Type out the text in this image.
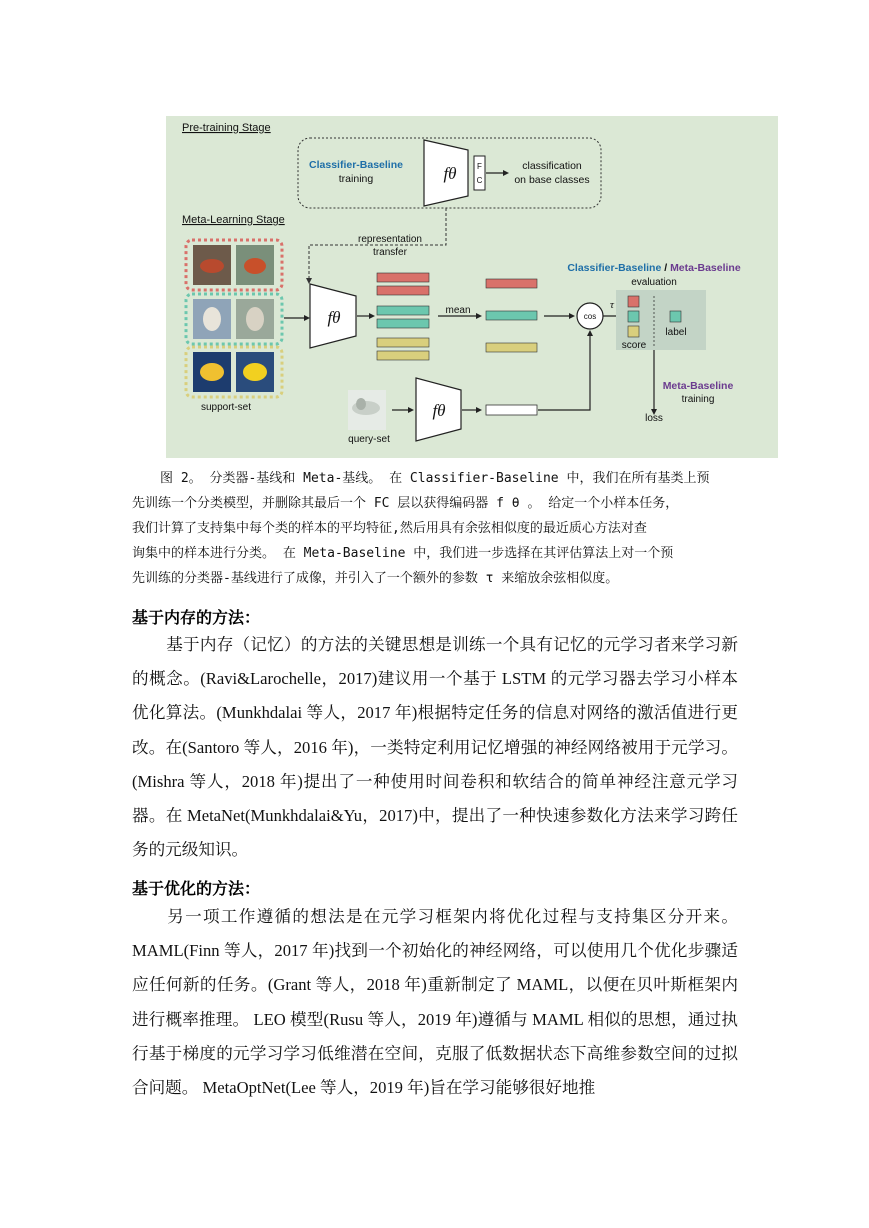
Pre-training Stage
Classifier-Baseline
training	fθ	F
C
classification
on base classes
Meta-Learning Stage
representation
transfer
support-set
fθ	mean
cos
τ
Classifier-Baseline / Meta-Baseline
evaluation
score
label
Meta-Baseline
training
loss
query-set
fθ
图 2。 分类器-基线和 Meta-基线。 在 Classifier-Baseline 中，我们在所有基类上预
先训练一个分类模型，并删除其最后一个 FC 层以获得编码器 f θ 。 给定一个小样本任务，
我们计算了支持集中每个类的样本的平均特征,然后用具有余弦相似度的最近质心方法对查
询集中的样本进行分类。 在 Meta-Baseline 中，我们进一步选择在其评估算法上对一个预
先训练的分类器-基线进行了成像，并引入了一个额外的参数 τ 来缩放余弦相似度。
基于内存的方法：

基于内存（记忆）的方法的关键思想是训练一个具有记忆的元学习者来学习新的概念。(Ravi&Larochelle，2017)建议用一个基于 LSTM 的元学习器去学习小样本优化算法。(Munkhdalai 等人，2017 年)根据特定任务的信息对网络的激活值进行更改。在(Santoro 等人，2016 年)，一类特定利用记忆增强的神经网络被用于元学习。 (Mishra 等人，2018 年)提出了一种使用时间卷积和软结合的简单神经注意元学习器。在 MetaNet(Munkhdalai&Yu，2017)中，提出了一种快速参数化方法来学习跨任务的元级知识。

基于优化的方法：

另一项工作遵循的想法是在元学习框架内将优化过程与支持集区分开来。MAML(Finn 等人，2017 年)找到一个初始化的神经网络，可以使用几个优化步骤适应任何新的任务。(Grant 等人，2018 年)重新制定了 MAML，以便在贝叶斯框架内进行概率推理。 LEO 模型(Rusu 等人，2019 年)遵循与 MAML 相似的思想，通过执行基于梯度的元学习学习低维潜在空间，克服了低数据状态下高维参数空间的过拟合问题。 MetaOptNet(Lee 等人，2019 年)旨在学习能够很好地推
